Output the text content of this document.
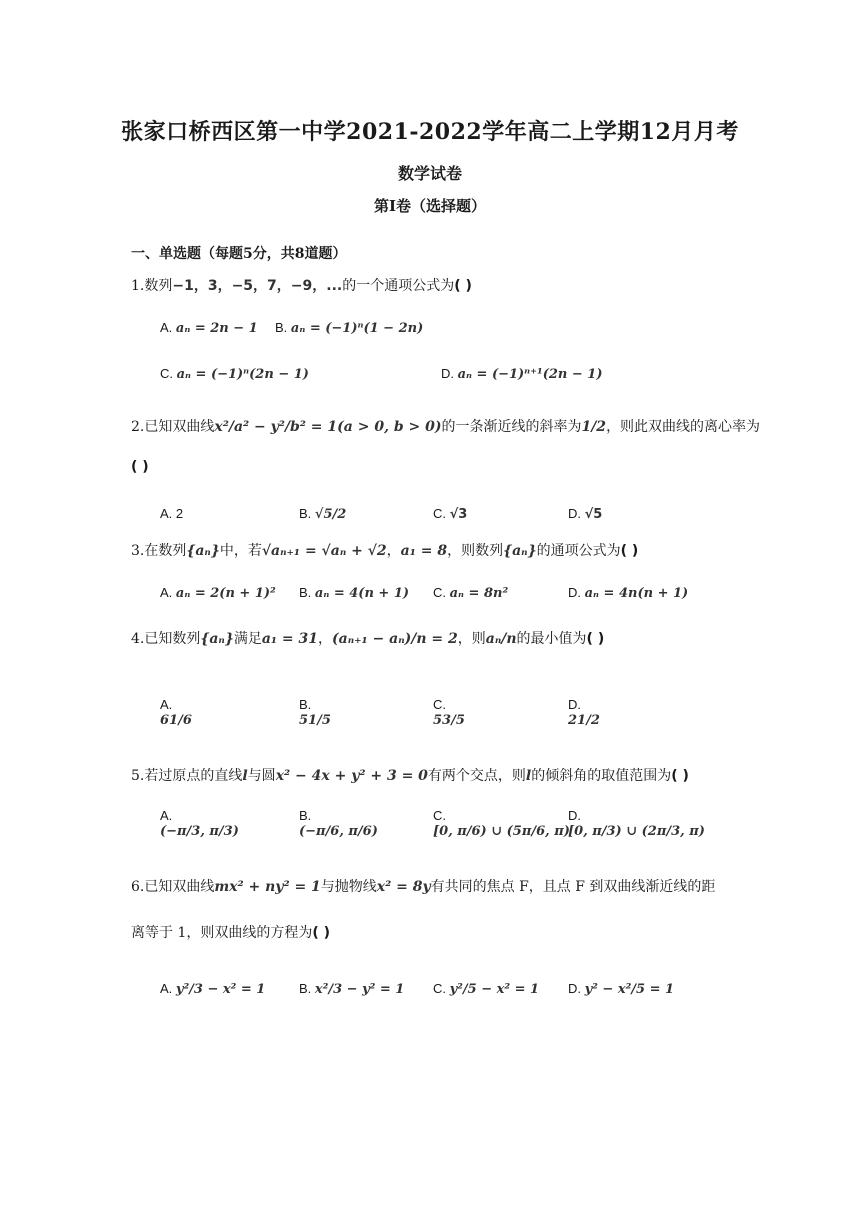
张家口桥西区第一中学2021-2022学年高二上学期12月月考
数学试卷
第Ⅰ卷（选择题）
一、单选题（每题5分，共8道题）
1.数列−1，3，−5，7，−9，...的一个通项公式为( )
A. aₙ = 2n − 1 B. aₙ = (−1)ⁿ(1 − 2n)
C. aₙ = (−1)ⁿ(2n − 1)	D. aₙ = (−1)ⁿ⁺¹(2n − 1)
2.已知双曲线x²/a² − y²/b² = 1(a > 0, b > 0)的一条渐近线的斜率为1/2，则此双曲线的离心率为
( )
A. 2	B. √5/2	C. √3	D. √5
3.在数列{aₙ}中，若√aₙ₊₁ = √aₙ + √2，a₁ = 8，则数列{aₙ}的通项公式为( )
A. aₙ = 2(n + 1)² B. aₙ = 4(n + 1) C. aₙ = 8n²	D. aₙ = 4n(n + 1)
4.已知数列{aₙ}满足a₁ = 31，(aₙ₊₁ − aₙ)/n = 2，则aₙ/n的最小值为( )
A.
61/6
B.
51/5
C.
53/5
D.
21/2
5.若过原点的直线l与圆x² − 4x + y² + 3 = 0有两个交点，则l的倾斜角的取值范围为( )
A.
(−π/3, π/3)
B.
(−π/6, π/6)
C.
[0, π/6) ∪ (5π/6, π)
D.
[0, π/3) ∪ (2π/3, π)
6.已知双曲线mx² + ny² = 1与抛物线x² = 8y有共同的焦点 F，且点 F 到双曲线渐近线的距
离等于 1，则双曲线的方程为( )
A. y²/3 − x² = 1	B. x²/3 − y² = 1 C. y²/5 − x² = 1 D. y² − x²/5 = 1
